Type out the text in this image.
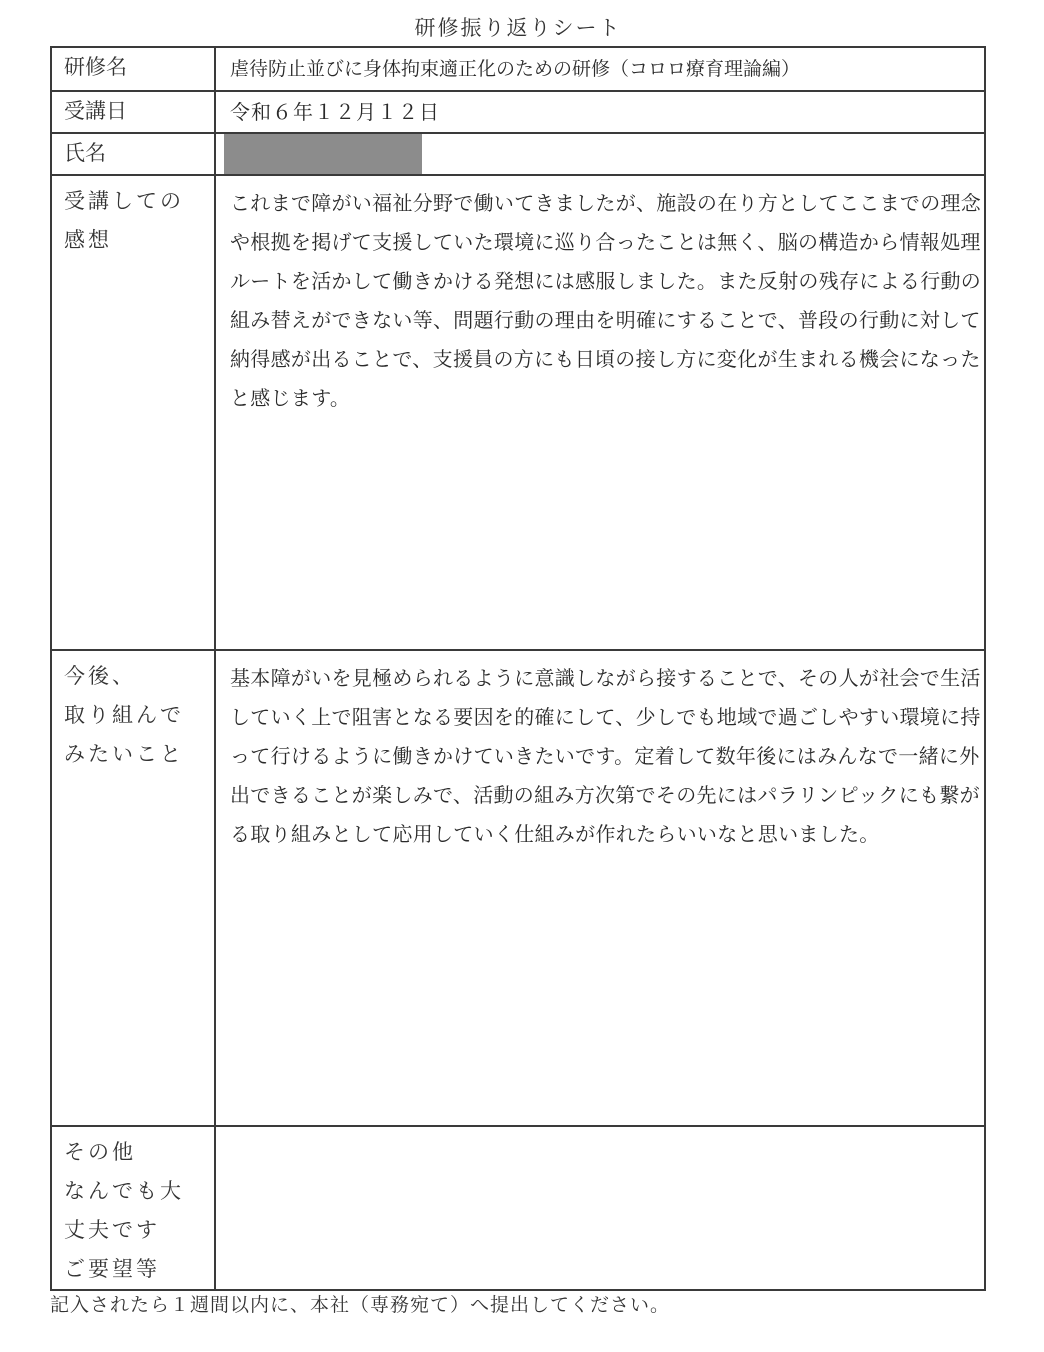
研修振り返りシート
研修名	虐待防止並びに身体拘束適正化のための研修（コロロ療育理論編）
受講日	令和６年１２月１２日
氏名	

受講しての
感想	これまで障がい福祉分野で働いてきましたが、施設の在り方としてここまでの理念や根拠を掲げて支援していた環境に巡り合ったことは無く、脳の構造から情報処理ルートを活かして働きかける発想には感服しました。また反射の残存による行動の組み替えができない等、問題行動の理由を明確にすることで、普段の行動に対して納得感が出ることで、支援員の方にも日頃の接し方に変化が生まれる機会になったと感じます。
今後、
取り組んで
みたいこと	基本障がいを見極められるように意識しながら接することで、その人が社会で生活していく上で阻害となる要因を的確にして、少しでも地域で過ごしやすい環境に持って行けるように働きかけていきたいです。定着して数年後にはみんなで一緒に外出できることが楽しみで、活動の組み方次第でその先にはパラリンピックにも繋がる取り組みとして応用していく仕組みが作れたらいいなと思いました。
その他
なんでも大
丈夫です
ご要望等	
記入されたら１週間以内に、本社（専務宛て）へ提出してください。
